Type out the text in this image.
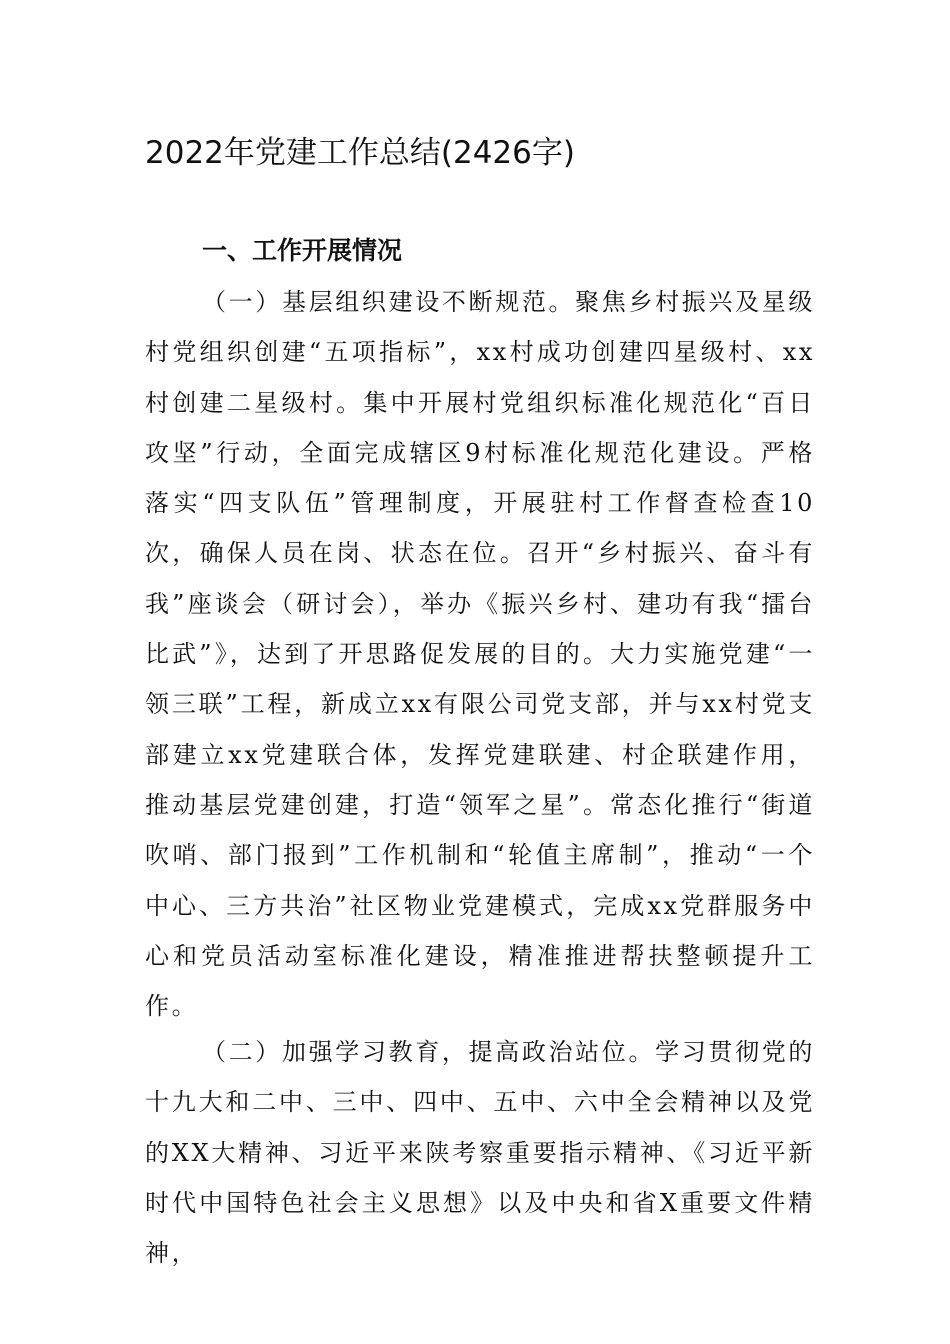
2022年党建工作总结(2426字)
一、工作开展情况

（一）基层组织建设不断规范。聚焦乡村振兴及星级村党组织创建“五项指标”，xx村成功创建四星级村、xx村创建二星级村。集中开展村党组织标准化规范化“百日攻坚”行动，全面完成辖区9村标准化规范化建设。严格落实“四支队伍”管理制度，开展驻村工作督查检查10次，确保人员在岗、状态在位。召开“乡村振兴、奋斗有我”座谈会（研讨会），举办《振兴乡村、建功有我“擂台比武”》，达到了开思路促发展的目的。大力实施党建“一领三联”工程，新成立xx有限公司党支部，并与xx村党支部建立xx党建联合体，发挥党建联建、村企联建作用，推动基层党建创建，打造“领军之星”。常态化推行“街道吹哨、部门报到”工作机制和“轮值主席制”，推动“一个中心、三方共治”社区物业党建模式，完成xx党群服务中心和党员活动室标准化建设，精准推进帮扶整顿提升工作。

（二）加强学习教育，提高政治站位。学习贯彻党的十九大和二中、三中、四中、五中、六中全会精神以及党的XX大精神、习近平来陕考察重要指示精神、《习近平新时代中国特色社会主义思想》以及中央和省X重要文件精神，
